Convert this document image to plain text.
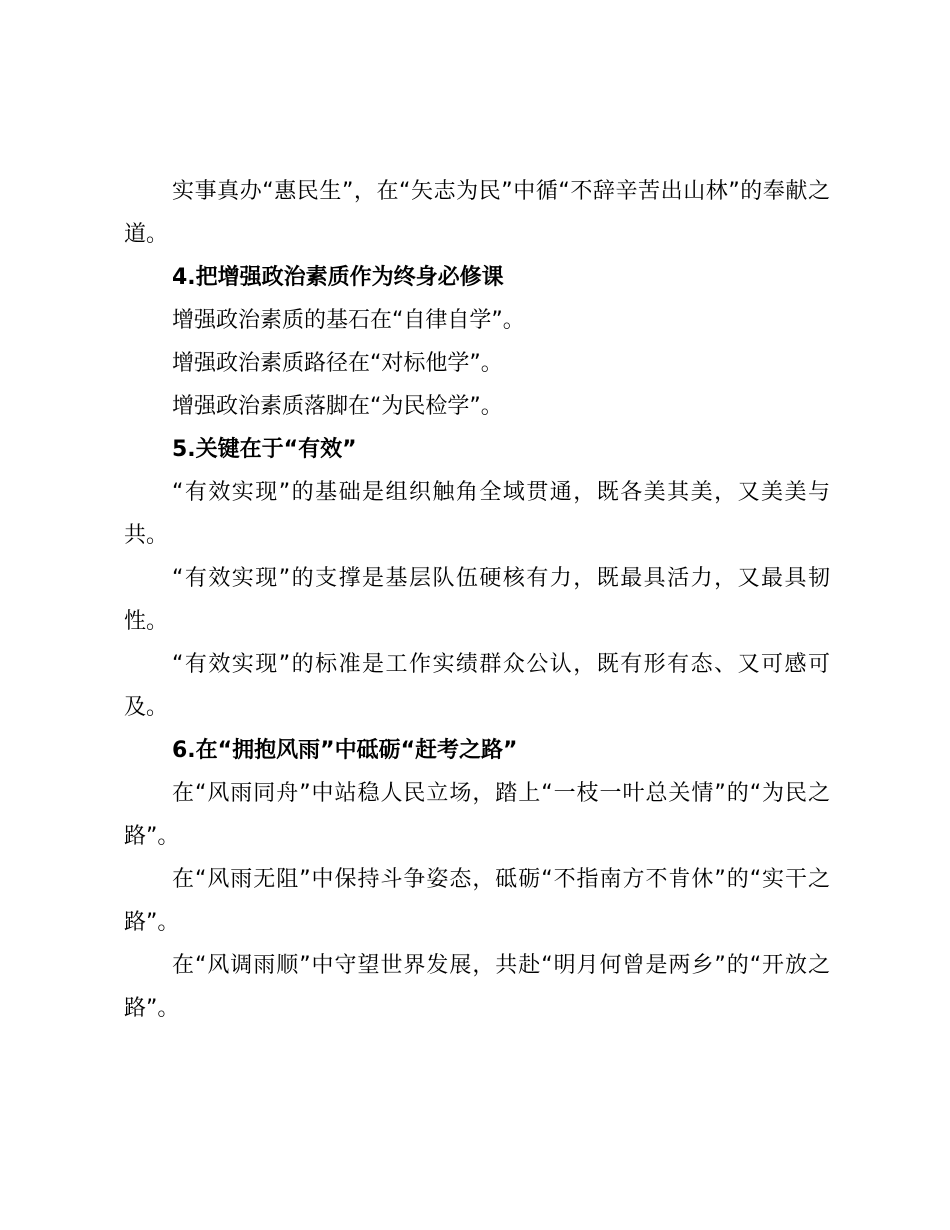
实事真办“惠民生”，在“矢志为民”中循“不辞辛苦出山林”的奉献之道。

4.把增强政治素质作为终身必修课

增强政治素质的基石在“自律自学”。

增强政治素质路径在“对标他学”。

增强政治素质落脚在“为民检学”。

5.关键在于“有效”

“有效实现”的基础是组织触角全域贯通，既各美其美，又美美与共。

“有效实现”的支撑是基层队伍硬核有力，既最具活力，又最具韧性。

“有效实现”的标准是工作实绩群众公认，既有形有态、又可感可及。

6.在“拥抱风雨”中砥砺“赶考之路”

在“风雨同舟”中站稳人民立场，踏上“一枝一叶总关情”的“为民之路”。

在“风雨无阻”中保持斗争姿态，砥砺“不指南方不肯休”的“实干之路”。

在“风调雨顺”中守望世界发展，共赴“明月何曾是两乡”的“开放之路”。
